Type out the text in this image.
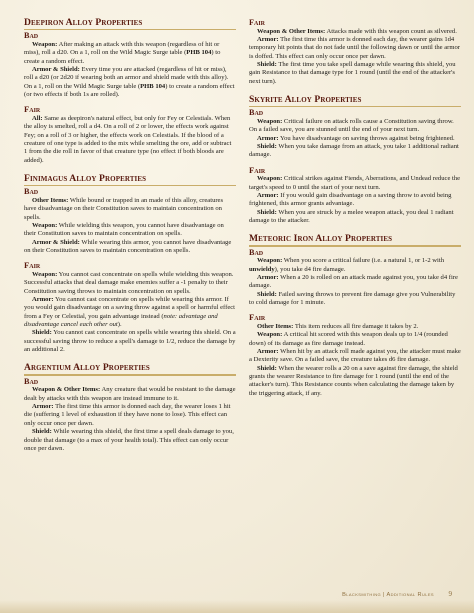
Deepiron Alloy Properties
Bad

Weapon: After making an attack with this weapon (regardless of hit or miss), roll a d20. On a 1, roll on the Wild Magic Surge table (PHB 104) to create a random effect.

Armor & Shield: Every time you are attacked (regardless of hit or miss), roll a d20 (or 2d20 if wearing both an armor and shield made with this alloy). On a 1, roll on the Wild Magic Surge table (PHB 104) to create a random effect (or two effects if both 1s are rolled).

Fair

All: Same as deepiron's natural effect, but only for Fey or Celestials. When the alloy is smelted, roll a d4. On a roll of 2 or lower, the effects work against Fey; on a roll of 3 or higher, the effects work on Celestials. If the blood of a creature of one type is added to the mix while smelting the ore, add or subtract 1 from the die roll in favor of that creature type (no effect if both bloods are added).

Finimagus Alloy Properties
Bad

Other Items: While bound or trapped in an made of this alloy, creatures have disadvantage on their Constitution saves to maintain concentration on spells.

Weapon: While wielding this weapon, you cannot have disadvantage on their Constitution saves to maintain concentration on spells.

Armor & Shield: While wearing this armor, you cannot have disadvantage on their Constitution saves to maintain concentration on spells.

Fair

Weapon: You cannot cast concentrate on spells while wielding this weapon. Successful attacks that deal damage make enemies suffer a -1 penalty to their Constitution saving throws to maintain concentration on spells.

Armor: You cannot cast concentrate on spells while wearing this armor. If you would gain disadvantage on a saving throw against a spell or harmful effect from a Fey or Celestial, you gain advantage instead (note: advantage and disadvantage cancel each other out).

Shield: You cannot cast concentrate on spells while wearing this shield. On a successful saving throw to reduce a spell's damage to 1/2, reduce the damage by an additional 2.

Argentium Alloy Properties
Bad

Weapon & Other Items: Any creature that would be resistant to the damage dealt by attacks with this weapon are instead immune to it.

Armor: The first time this armor is donned each day, the wearer loses 1 hit die (suffering 1 level of exhaustion if they have none to lose). This effect can only occur once per dawn.

Shield: While wearing this shield, the first time a spell deals damage to you, double that damage (to a max of your health total). This effect can only occur once per dawn.

Fair

Weapon & Other Items: Attacks made with this weapon count as silvered.

Armor: The first time this armor is donned each day, the wearer gains 1d4 temporary hit points that do not fade until the following dawn or until the armor is doffed. This effect can only occur once per dawn.

Shield: The first time you take spell damage while wearing this shield, you gain Resistance to that damage type for 1 round (until the end of the attacker's next turn).

Skyrite Alloy Properties
Bad

Weapon: Critical failure on attack rolls cause a Constitution saving throw. On a failed save, you are stunned until the end of your next turn.

Armor: You have disadvantage on saving throws against being frightened.

Shield: When you take damage from an attack, you take 1 additional radiant damage.

Fair

Weapon: Critical strikes against Fiends, Aberrations, and Undead reduce the target's speed to 0 until the start of your next turn.

Armor: If you would gain disadvantage on a saving throw to avoid being frightened, this armor grants advantage.

Shield: When you are struck by a melee weapon attack, you deal 1 radiant damage to the attacker.

Meteoric Iron Alloy Properties
Bad

Weapon: When you score a critical failure (i.e. a natural 1, or 1-2 with unwieldy), you take d4 fire damage.

Armor: When a 20 is rolled on an attack made against you, you take d4 fire damage.

Shield: Failed saving throws to prevent fire damage give you Vulnerability to cold damage for 1 minute.

Fair

Other Items: This item reduces all fire damage it takes by 2.

Weapon: A critical hit scored with this weapon deals up to 1/4 (rounded down) of its damage as fire damage instead.

Armor: When hit by an attack roll made against you, the attacker must make a Dexterity save. On a failed save, the creature takes d6 fire damage.

Shield: When the wearer rolls a 20 on a save against fire damage, the shield grants the wearer Resistance to fire damage for 1 round (until the end of the attacker's turn). This Resistance counts when calculating the damage taken by the triggering attack, if any.

Blacksmithing | Additional Rules 9
